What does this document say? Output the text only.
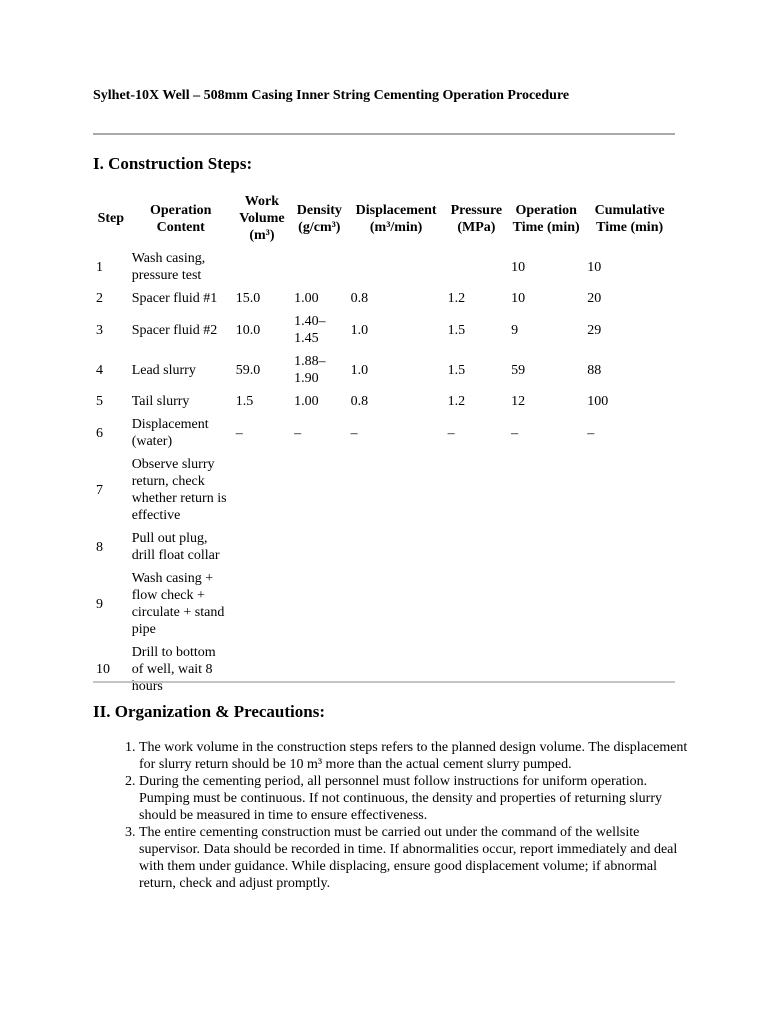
Sylhet-10X Well – 508mm Casing Inner String Cementing Operation Procedure
I. Construction Steps:
Step	Operation Content	Work Volume (m³)	Density (g/cm³)	Displacement (m³/min)	Pressure (MPa)	Operation Time (min)	Cumulative Time (min)
1	Wash casing, pressure test					10	10
2	Spacer fluid #1	15.0	1.00	0.8	1.2	10	20
3	Spacer fluid #2	10.0	1.40–1.45	1.0	1.5	9	29
4	Lead slurry	59.0	1.88–1.90	1.0	1.5	59	88
5	Tail slurry	1.5	1.00	0.8	1.2	12	100
6	Displacement (water)	–	–	–	–	–	–
7	Observe slurry return, check whether return is effective						
8	Pull out plug, drill float collar						
9	Wash casing + flow check + circulate + stand pipe						
10	Drill to bottom of well, wait 8 hours						
II. Organization & Precautions:
1. The work volume in the construction steps refers to the planned design volume. The displacement for slurry return should be 10 m³ more than the actual cement slurry pumped.
2. During the cementing period, all personnel must follow instructions for uniform operation. Pumping must be continuous. If not continuous, the density and properties of returning slurry should be measured in time to ensure effectiveness.
3. The entire cementing construction must be carried out under the command of the wellsite supervisor. Data should be recorded in time. If abnormalities occur, report immediately and deal with them under guidance. While displacing, ensure good displacement volume; if abnormal return, check and adjust promptly.
